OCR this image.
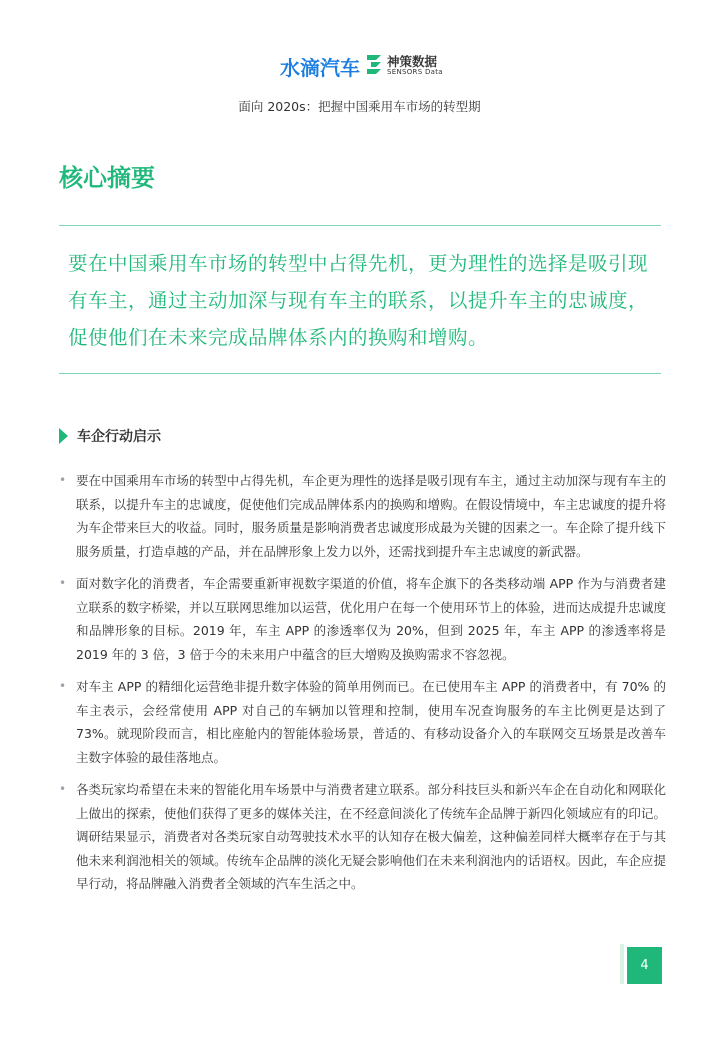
水滴汽车 神策数据
SENSORS Data
面向 2020s：把握中国乘用车市场的转型期
核心摘要
要在中国乘用车市场的转型中占得先机，更为理性的选择是吸引现有车主，通过主动加深与现有车主的联系，以提升车主的忠诚度，促使他们在未来完成品牌体系内的换购和增购。
车企行动启示
• 要在中国乘用车市场的转型中占得先机，车企更为理性的选择是吸引现有车主，通过主动加深与现有车主的联系，以提升车主的忠诚度，促使他们完成品牌体系内的换购和增购。在假设情境中，车主忠诚度的提升将为车企带来巨大的收益。同时，服务质量是影响消费者忠诚度形成最为关键的因素之一。车企除了提升线下服务质量，打造卓越的产品，并在品牌形象上发力以外，还需找到提升车主忠诚度的新武器。
• 面对数字化的消费者，车企需要重新审视数字渠道的价值，将车企旗下的各类移动端 APP 作为与消费者建立联系的数字桥梁，并以互联网思维加以运营，优化用户在每一个使用环节上的体验，进而达成提升忠诚度和品牌形象的目标。2019 年，车主 APP 的渗透率仅为 20%，但到 2025 年，车主 APP 的渗透率将是 2019 年的 3 倍，3 倍于今的未来用户中蕴含的巨大增购及换购需求不容忽视。
• 对车主 APP 的精细化运营绝非提升数字体验的简单用例而已。在已使用车主 APP 的消费者中，有 70% 的车主表示，会经常使用 APP 对自己的车辆加以管理和控制，使用车况查询服务的车主比例更是达到了 73%。就现阶段而言，相比座舱内的智能体验场景，普适的、有移动设备介入的车联网交互场景是改善车主数字体验的最佳落地点。
• 各类玩家均希望在未来的智能化用车场景中与消费者建立联系。部分科技巨头和新兴车企在自动化和网联化上做出的探索，使他们获得了更多的媒体关注，在不经意间淡化了传统车企品牌于新四化领域应有的印记。调研结果显示，消费者对各类玩家自动驾驶技术水平的认知存在极大偏差，这种偏差同样大概率存在于与其他未来利润池相关的领域。传统车企品牌的淡化无疑会影响他们在未来利润池内的话语权。因此，车企应提早行动，将品牌融入消费者全领域的汽车生活之中。
4
